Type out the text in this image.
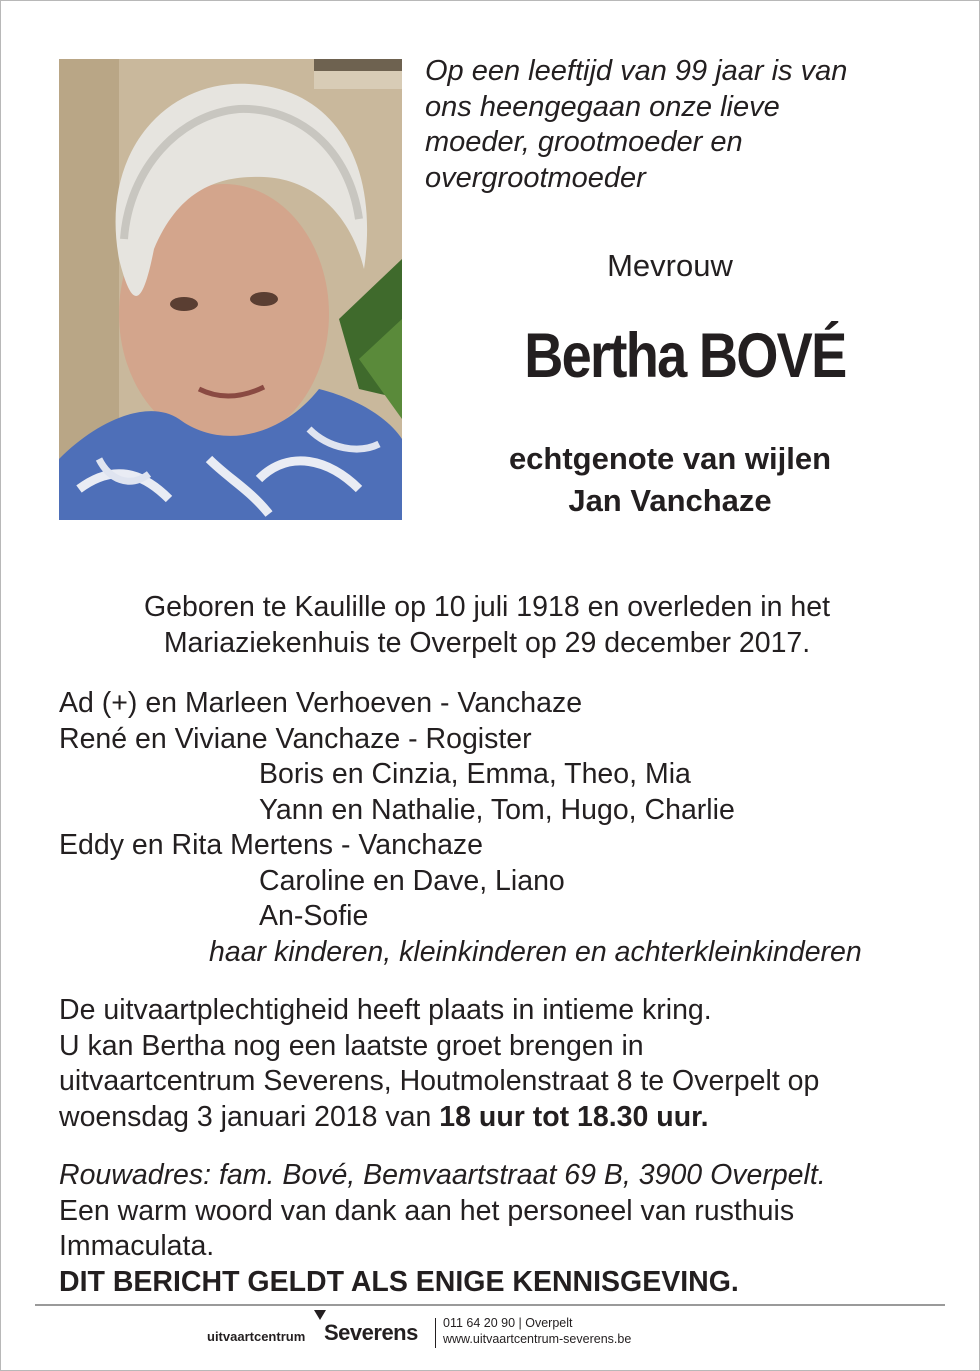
Op een leeftijd van 99 jaar is van
ons heengegaan onze lieve
moeder, grootmoeder en
overgrootmoeder
Mevrouw
Bertha BOVÉ
echtgenote van wijlen
Jan Vanchaze
Geboren te Kaulille op 10 juli 1918 en overleden in het
Mariaziekenhuis te Overpelt op 29 december 2017.
Ad (+) en Marleen Verhoeven - Vanchaze
René en Viviane Vanchaze - Rogister
Boris en Cinzia, Emma, Theo, Mia
Yann en Nathalie, Tom, Hugo, Charlie
Eddy en Rita Mertens - Vanchaze
Caroline en Dave, Liano
An-Sofie
haar kinderen, kleinkinderen en achterkleinkinderen
De uitvaartplechtigheid heeft plaats in intieme kring.
U kan Bertha nog een laatste groet brengen in
uitvaartcentrum Severens, Houtmolenstraat 8 te Overpelt op
woensdag 3 januari 2018 van 18 uur tot 18.30 uur.
Rouwadres: fam. Bové, Bemvaartstraat 69 B, 3900 Overpelt.
Een warm woord van dank aan het personeel van rusthuis
Immaculata.
DIT BERICHT GELDT ALS ENIGE KENNISGEVING.
uitvaartcentrum Severens 011 64 20 90 | Overpelt
www.uitvaartcentrum-severens.be
